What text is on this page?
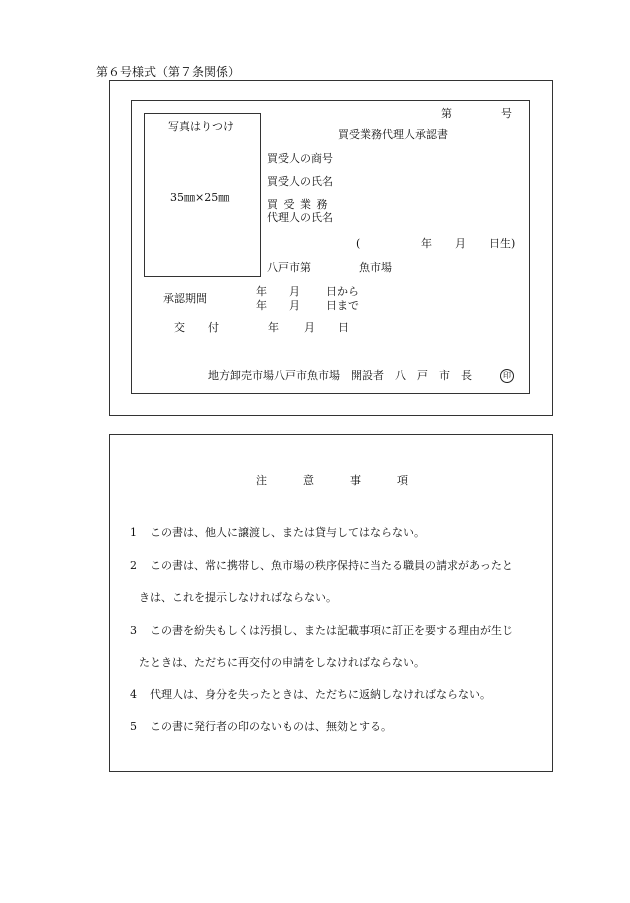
第６号様式（第７条関係）
第	号
買受業務代理人承認書
写真はりつけ
35㎜×25㎜
買受人の商号
買受人の氏名
買 受 業 務
代理人の氏名
(	年 月 日生)
八戸市第	魚市場
承認期間
年 月 日から
年 月 日まで
交 付	年 月 日
地方卸売市場八戸市魚市場　開設者　八　戸　市　長　	印
注	意	事	項
1 この書は、他人に譲渡し、または貸与してはならない。
2 この書は、常に携帯し、魚市場の秩序保持に当たる職員の請求があったと
きは、これを提示しなければならない。
3 この書を紛失もしくは汚損し、または記載事項に訂正を要する理由が生じ
たときは、ただちに再交付の申請をしなければならない。
4 代理人は、身分を失ったときは、ただちに返納しなければならない。
5 この書に発行者の印のないものは、無効とする。
